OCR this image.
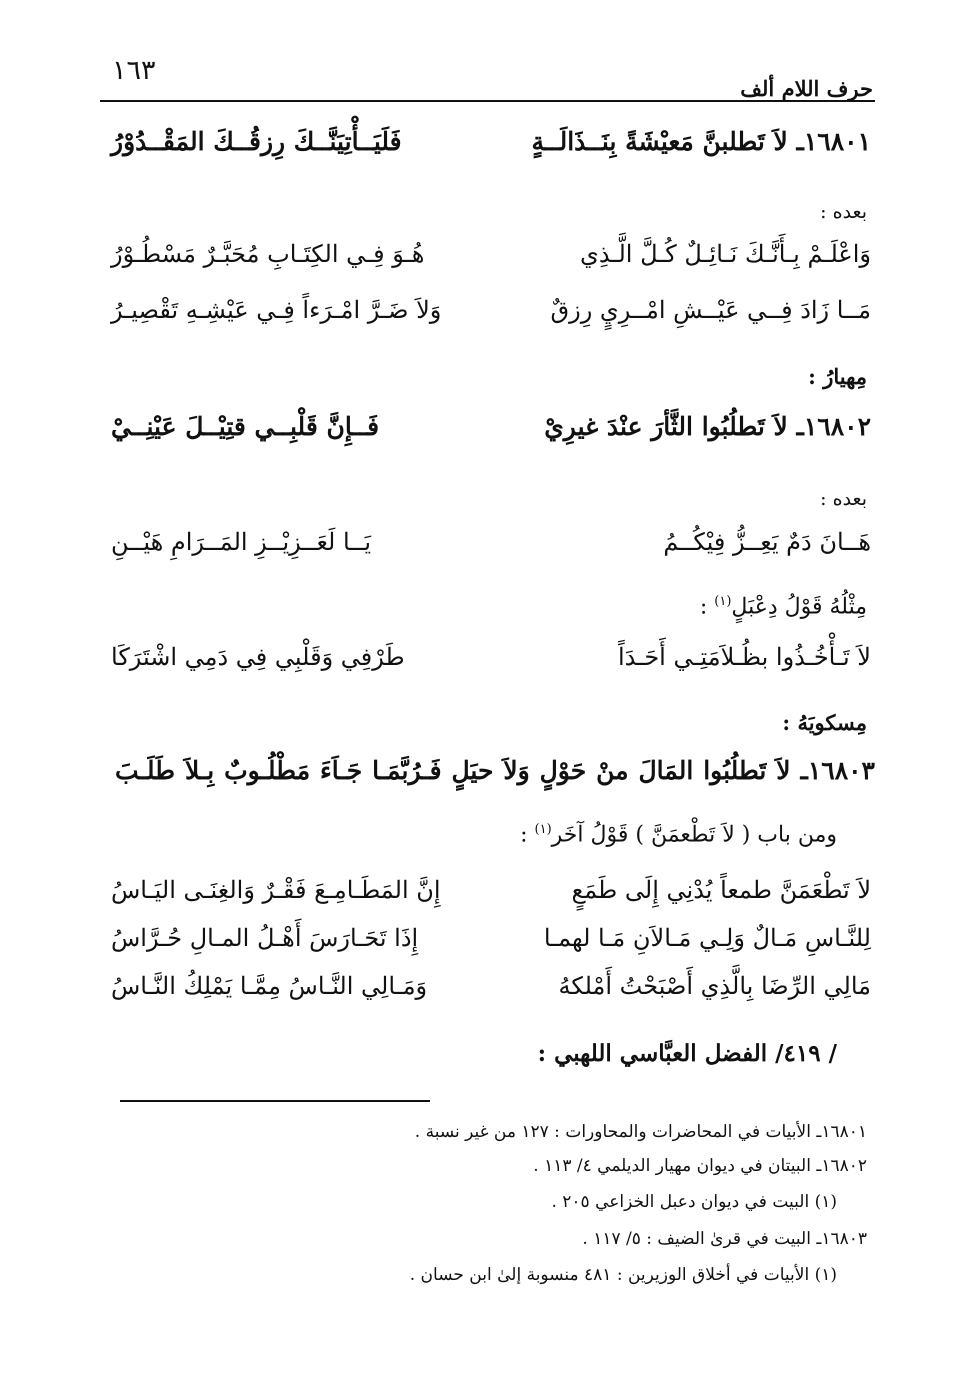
١٦٣
حرف اللام ألف
١٦٨٠١ـ لاَ تَطلبنَّ مَعيْشَةً بِنَــذَالَــةٍ
فَلَيَــأْتِيَنَّــكَ رِزقُــكَ المَقْــدُوْرُ
بعده :
وَاعْلَـمْ بِـأَنَّـكَ نَـائِـلٌ كُـلَّ الَّـذِي
هُـوَ فِـي الكِتَـابِ مُحَبَّـرٌ مَسْطُـوْرُ
مَــا زَادَ فِــي عَيْــشِ امْــرِيٍ رِزقٌ
وَلاَ ضَـرَّ امْـرَءاً فِـي عَيْشِـهِ تَقْصِيـرُ
مِهيارُ :
١٦٨٠٢ـ لاَ تَطلُبُوا الثَّأرَ عنْدَ غيرِيْ
فَــإِنَّ قَلْبِــي قتِيْــلَ عَيْنِــيْ
بعده :
هَــانَ دَمٌ يَعِــزُّ فِيْكُــمُ
يَــا لَعَــزِيْــزِ المَــرَامِ هَيْــنِ
مِثْلُهُ قَوْلُ دِعْبَلٍ$^{(١)}$ :
لاَ تَـأْخُـذُوا بظُـلاَمَتِـي أَحَـدَاً
طَرْفِي وَقَلْبِي فِي دَمِي اشْتَرَكَا
مِسكويَهُ :
١٦٨٠٣ـ لاَ تَطلُبُوا المَالَ منْ حَوْلٍ وَلاَ حيَلٍ فَـرُبَّمَـا جَـاَءَ مَطْلُـوبٌ بِـلاَ طَلَـبَ
ومن باب ( لاَ تَطْعمَنَّ ) قَوْلُ آخَر$^{(١)}$ :
لاَ تَطْعَمَنَّ طمعاً يُدْنِي إِلَى طَمَعٍ
إِنَّ المَطَـامِـعَ فَقْـرٌ وَالغِنَـى اليَـاسُ
لِلنَّـاسِ مَـالٌ وَلِـي مَـالاَنِ مَـا لهمـا
إِذَا تَحَـارَسَ أَهْـلُ المـالِ حُـرَّاسُ
مَالِي الرِّضَا بِالَّذِي أَصْبَحْتُ أَمْلكهُ
وَمَـالِي النَّـاسُ مِمَّـا يَمْلِكُ النَّـاسُ
/ ٤١٩/ الفضل العبَّاسي اللهبي :
١٦٨٠١ـ الأبيات في المحاضرات والمحاورات : ١٢٧ من غير نسبة .
١٦٨٠٢ـ البيتان في ديوان مهيار الديلمي ٤/ ١١٣ .
(١) البيت في ديوان دعبل الخزاعي ٢٠٥ .
١٦٨٠٣ـ البيت في قرىٰ الضيف : ٥/ ١١٧ .
(١) الأبيات في أخلاق الوزيرين : ٤٨١ منسوبة إلىٰ ابن حسان .
